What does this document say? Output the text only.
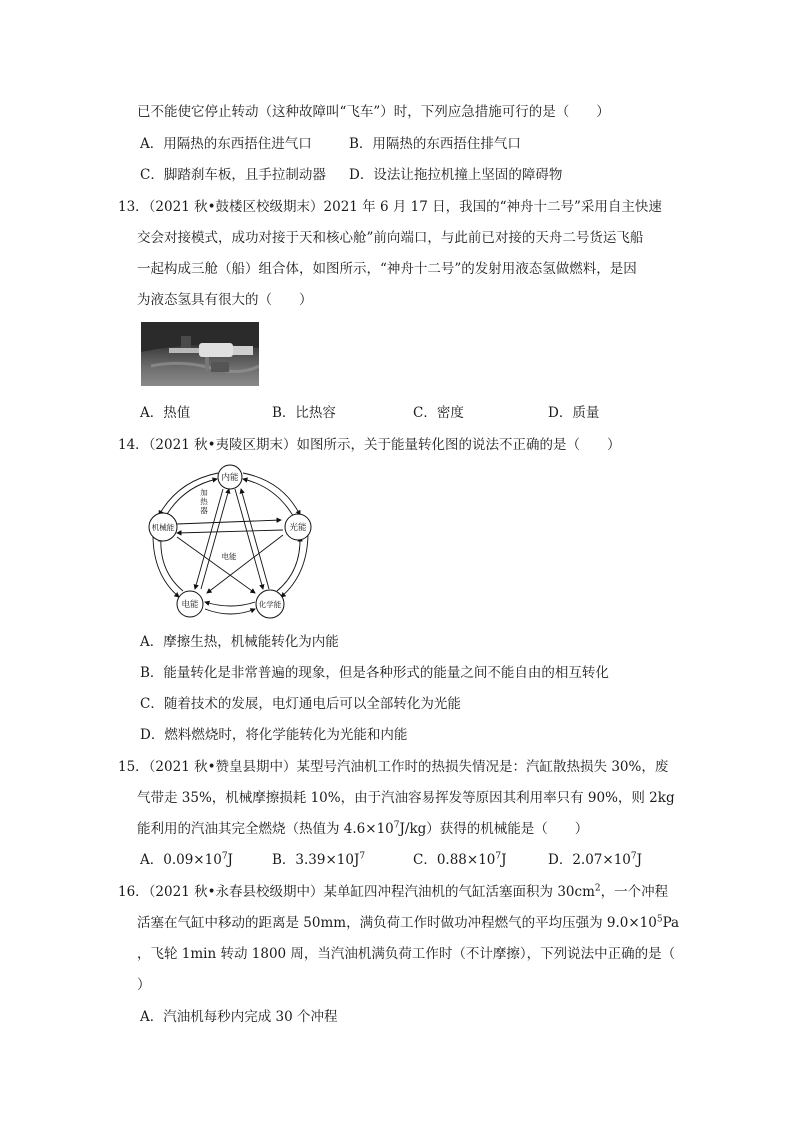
已不能使它停止转动（这种故障叫“飞车”）时，下列应急措施可行的是（　　）
A．用隔热的东西捂住进气口	B．用隔热的东西捂住排气口
C．脚踏刹车板，且手拉制动器 D．设法让拖拉机撞上坚固的障碍物
13．（2021 秋•鼓楼区校级期末）2021 年 6 月 17 日，我国的“神舟十二号”采用自主快速
交会对接模式，成功对接于天和核心舱”前向端口，与此前已对接的天舟二号货运飞船
一起构成三舱（船）组合体，如图所示，“神舟十二号”的发射用液态氢做燃料，是因
为液态氢具有很大的（　　）
A．热值	B．比热容	C．密度	D．质量
14．（2021 秋•夷陵区期末）如图所示，关于能量转化图的说法不正确的是（　　）
内能
机械能	光能
电能	化学能
加
热
器
电能
A．摩擦生热，机械能转化为内能
B．能量转化是非常普遍的现象，但是各种形式的能量之间不能自由的相互转化
C．随着技术的发展，电灯通电后可以全部转化为光能
D．燃料燃烧时，将化学能转化为光能和内能
15．（2021 秋•赞皇县期中）某型号汽油机工作时的热损失情况是：汽缸散热损失 30%，废
气带走 35%，机械摩擦损耗 10%，由于汽油容易挥发等原因其利用率只有 90%，则 2kg
能利用的汽油其完全燃烧（热值为 $4.6\times 10^7J/kg$）获得的机械能是（　　）
A．$0.09\times 10^7J$	B．$3.39\times 10J^7$	C．$0.88\times 10^7J$	D．$2.07\times 10^7J$
16．（2021 秋•永春县校级期中）某单缸四冲程汽油机的气缸活塞面积为 $30cm^2$，一个冲程
活塞在气缸中移动的距离是 50mm，满负荷工作时做功冲程燃气的平均压强为 $9.0\times 10^5Pa$
，飞轮 1min 转动 1800 周，当汽油机满负荷工作时（不计摩擦），下列说法中正确的是（
）
A．汽油机每秒内完成 30 个冲程
